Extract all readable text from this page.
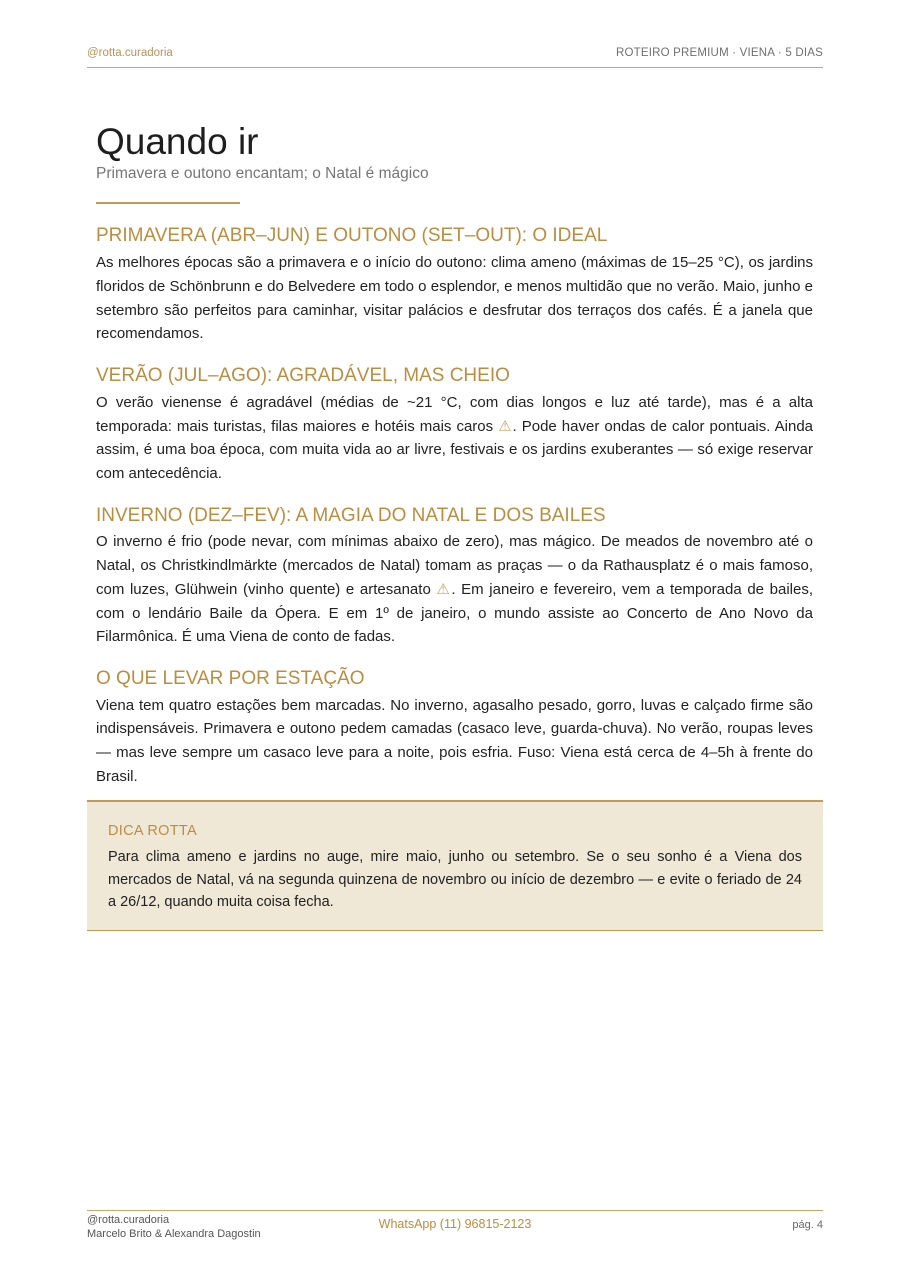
@rotta.curadoria	ROTEIRO PREMIUM · VIENA · 5 DIAS
Quando ir
Primavera e outono encantam; o Natal é mágico
PRIMAVERA (ABR–JUN) E OUTONO (SET–OUT): O IDEAL

As melhores épocas são a primavera e o início do outono: clima ameno (máximas de 15–25 °C), os jardins floridos de Schönbrunn e do Belvedere em todo o esplendor, e menos multidão que no verão. Maio, junho e setembro são perfeitos para caminhar, visitar palácios e desfrutar dos terraços dos cafés. É a janela que recomendamos.

VERÃO (JUL–AGO): AGRADÁVEL, MAS CHEIO

O verão vienense é agradável (médias de ~21 °C, com dias longos e luz até tarde), mas é a alta temporada: mais turistas, filas maiores e hotéis mais caros ⚠. Pode haver ondas de calor pontuais. Ainda assim, é uma boa época, com muita vida ao ar livre, festivais e os jardins exuberantes — só exige reservar com antecedência.

INVERNO (DEZ–FEV): A MAGIA DO NATAL E DOS BAILES

O inverno é frio (pode nevar, com mínimas abaixo de zero), mas mágico. De meados de novembro até o Natal, os Christkindlmärkte (mercados de Natal) tomam as praças — o da Rathausplatz é o mais famoso, com luzes, Glühwein (vinho quente) e artesanato ⚠. Em janeiro e fevereiro, vem a temporada de bailes, com o lendário Baile da Ópera. E em 1º de janeiro, o mundo assiste ao Concerto de Ano Novo da Filarmônica. É uma Viena de conto de fadas.

O QUE LEVAR POR ESTAÇÃO

Viena tem quatro estações bem marcadas. No inverno, agasalho pesado, gorro, luvas e calçado firme são indispensáveis. Primavera e outono pedem camadas (casaco leve, guarda-chuva). No verão, roupas leves — mas leve sempre um casaco leve para a noite, pois esfria. Fuso: Viena está cerca de 4–5h à frente do Brasil.

DICA ROTTA
Para clima ameno e jardins no auge, mire maio, junho ou setembro. Se o seu sonho é a Viena dos mercados de Natal, vá na segunda quinzena de novembro ou início de dezembro — e evite o feriado de 24 a 26/12, quando muita coisa fecha.
@rotta.curadoria
Marcelo Brito & Alexandra Dagostin
WhatsApp (11) 96815-2123	pág. 4
